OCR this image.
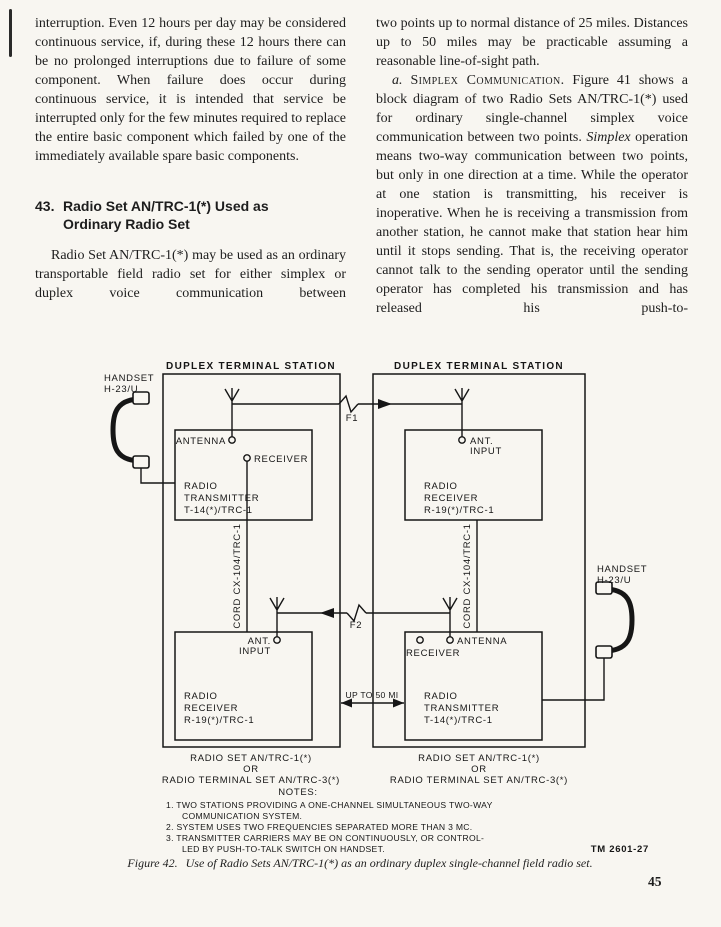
interruption. Even 12 hours per day may be considered continuous service, if, during these 12 hours there can be no prolonged interruptions due to failure of some component. When failure does occur during continuous service, it is intended that service be interrupted only for the few minutes required to replace the entire basic component which failed by one of the immediately available spare basic components.

43. Radio Set AN/TRC-1(*) Used as
Ordinary Radio Set

Radio Set AN/TRC-1(*) may be used as an ordinary transportable field radio set for either simplex or duplex voice communication between

two points up to normal distance of 25 miles. Distances up to 50 miles may be practicable assuming a reasonable line-of-sight path.

a. Simplex Communication. Figure 41 shows a block diagram of two Radio Sets AN/TRC-1(*) used for ordinary single-channel simplex voice communication between two points. Simplex operation means two-way communication between two points, but only in one direction at a time. While the operator at one station is transmitting, his receiver is inoperative. When he is receiving a transmission from another station, he cannot make that station hear him until it stops sending. That is, the receiving operator cannot talk to the sending operator until the sending operator has completed his transmission and has released his push-to-

DUPLEX TERMINAL STATION	DUPLEX TERMINAL STATION
HANDSET
H-23/U
HANDSET
H-23/U
ANTENNA
RECEIVER
RADIO
TRANSMITTER
T-14(*)/TRC-1
ANT.
INPUT
RADIO
RECEIVER
R-19(*)/TRC-1
ANT.
INPUT
RADIO
RECEIVER
R-19(*)/TRC-1
ANTENNA
RECEIVER
RADIO
TRANSMITTER
T-14(*)/TRC-1
CORD CX-104/TRC-1	CORD CX-104/TRC-1
F1
F2
UP TO 50 MI
RADIO SET AN/TRC-1(*)
OR
RADIO TERMINAL SET AN/TRC-3(*)
RADIO SET AN/TRC-1(*)
OR
RADIO TERMINAL SET AN/TRC-3(*)
NOTES:
1. TWO STATIONS PROVIDING A ONE-CHANNEL SIMULTANEOUS TWO-WAY
COMMUNICATION SYSTEM.
2. SYSTEM USES TWO FREQUENCIES SEPARATED MORE THAN 3 MC.
3. TRANSMITTER CARRIERS MAY BE ON CONTINUOUSLY, OR CONTROL-
LED BY PUSH-TO-TALK SWITCH ON HANDSET.	TM 2601-27
Figure 42. Use of Radio Sets AN/TRC-1(*) as an ordinary duplex single-channel field radio set.
45
